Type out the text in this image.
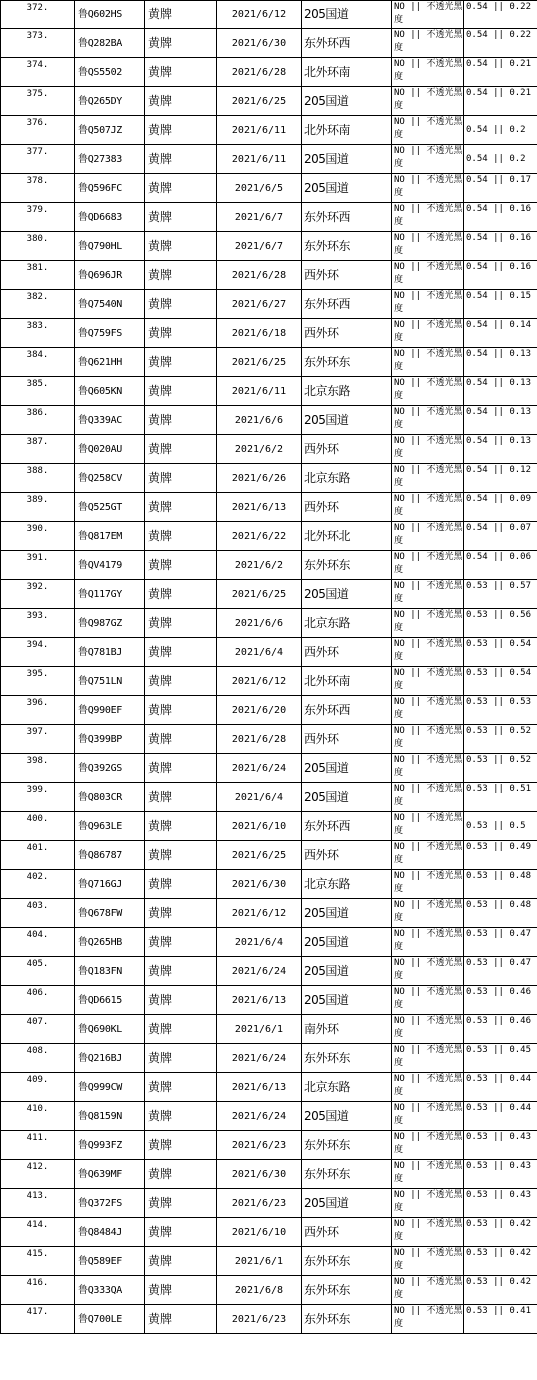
372.	鲁Q602HS	黄牌	2021/6/12	205国道	NO || 不透光黑度	0.54 || 0.22
373.	鲁Q282BA	黄牌	2021/6/30	东外环西	NO || 不透光黑度	0.54 || 0.22
374.	鲁QS5502	黄牌	2021/6/28	北外环南	NO || 不透光黑度	0.54 || 0.21
375.	鲁Q265DY	黄牌	2021/6/25	205国道	NO || 不透光黑度	0.54 || 0.21
376.	鲁Q507JZ	黄牌	2021/6/11	北外环南	NO || 不透光黑度	0.54 || 0.2
377.	鲁Q27383	黄牌	2021/6/11	205国道	NO || 不透光黑度	0.54 || 0.2
378.	鲁Q596FC	黄牌	2021/6/5	205国道	NO || 不透光黑度	0.54 || 0.17
379.	鲁QD6683	黄牌	2021/6/7	东外环西	NO || 不透光黑度	0.54 || 0.16
380.	鲁Q790HL	黄牌	2021/6/7	东外环东	NO || 不透光黑度	0.54 || 0.16
381.	鲁Q696JR	黄牌	2021/6/28	西外环	NO || 不透光黑度	0.54 || 0.16
382.	鲁Q7540N	黄牌	2021/6/27	东外环西	NO || 不透光黑度	0.54 || 0.15
383.	鲁Q759FS	黄牌	2021/6/18	西外环	NO || 不透光黑度	0.54 || 0.14
384.	鲁Q621HH	黄牌	2021/6/25	东外环东	NO || 不透光黑度	0.54 || 0.13
385.	鲁Q605KN	黄牌	2021/6/11	北京东路	NO || 不透光黑度	0.54 || 0.13
386.	鲁Q339AC	黄牌	2021/6/6	205国道	NO || 不透光黑度	0.54 || 0.13
387.	鲁Q020AU	黄牌	2021/6/2	西外环	NO || 不透光黑度	0.54 || 0.13
388.	鲁Q258CV	黄牌	2021/6/26	北京东路	NO || 不透光黑度	0.54 || 0.12
389.	鲁Q525GT	黄牌	2021/6/13	西外环	NO || 不透光黑度	0.54 || 0.09
390.	鲁Q817EM	黄牌	2021/6/22	北外环北	NO || 不透光黑度	0.54 || 0.07
391.	鲁QV4179	黄牌	2021/6/2	东外环东	NO || 不透光黑度	0.54 || 0.06
392.	鲁Q117GY	黄牌	2021/6/25	205国道	NO || 不透光黑度	0.53 || 0.57
393.	鲁Q987GZ	黄牌	2021/6/6	北京东路	NO || 不透光黑度	0.53 || 0.56
394.	鲁Q781BJ	黄牌	2021/6/4	西外环	NO || 不透光黑度	0.53 || 0.54
395.	鲁Q751LN	黄牌	2021/6/12	北外环南	NO || 不透光黑度	0.53 || 0.54
396.	鲁Q990EF	黄牌	2021/6/20	东外环西	NO || 不透光黑度	0.53 || 0.53
397.	鲁Q399BP	黄牌	2021/6/28	西外环	NO || 不透光黑度	0.53 || 0.52
398.	鲁Q392GS	黄牌	2021/6/24	205国道	NO || 不透光黑度	0.53 || 0.52
399.	鲁Q803CR	黄牌	2021/6/4	205国道	NO || 不透光黑度	0.53 || 0.51
400.	鲁Q963LE	黄牌	2021/6/10	东外环西	NO || 不透光黑度	0.53 || 0.5
401.	鲁Q86787	黄牌	2021/6/25	西外环	NO || 不透光黑度	0.53 || 0.49
402.	鲁Q716GJ	黄牌	2021/6/30	北京东路	NO || 不透光黑度	0.53 || 0.48
403.	鲁Q678FW	黄牌	2021/6/12	205国道	NO || 不透光黑度	0.53 || 0.48
404.	鲁Q265HB	黄牌	2021/6/4	205国道	NO || 不透光黑度	0.53 || 0.47
405.	鲁Q183FN	黄牌	2021/6/24	205国道	NO || 不透光黑度	0.53 || 0.47
406.	鲁QD6615	黄牌	2021/6/13	205国道	NO || 不透光黑度	0.53 || 0.46
407.	鲁Q690KL	黄牌	2021/6/1	南外环	NO || 不透光黑度	0.53 || 0.46
408.	鲁Q216BJ	黄牌	2021/6/24	东外环东	NO || 不透光黑度	0.53 || 0.45
409.	鲁Q999CW	黄牌	2021/6/13	北京东路	NO || 不透光黑度	0.53 || 0.44
410.	鲁Q8159N	黄牌	2021/6/24	205国道	NO || 不透光黑度	0.53 || 0.44
411.	鲁Q993FZ	黄牌	2021/6/23	东外环东	NO || 不透光黑度	0.53 || 0.43
412.	鲁Q639MF	黄牌	2021/6/30	东外环东	NO || 不透光黑度	0.53 || 0.43
413.	鲁Q372FS	黄牌	2021/6/23	205国道	NO || 不透光黑度	0.53 || 0.43
414.	鲁Q8484J	黄牌	2021/6/10	西外环	NO || 不透光黑度	0.53 || 0.42
415.	鲁Q589EF	黄牌	2021/6/1	东外环东	NO || 不透光黑度	0.53 || 0.42
416.	鲁Q333QA	黄牌	2021/6/8	东外环东	NO || 不透光黑度	0.53 || 0.42
417.	鲁Q700LE	黄牌	2021/6/23	东外环东	NO || 不透光黑度	0.53 || 0.41
